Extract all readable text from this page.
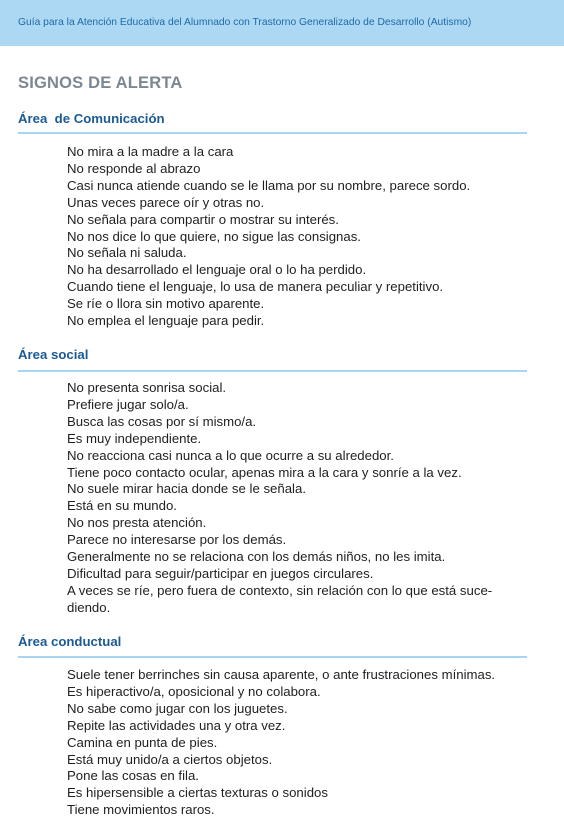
Guía para la Atención Educativa del Alumnado con Trastorno Generalizado de Desarrollo (Autismo)
SIGNOS DE ALERTA
Área  de Comunicación
No mira a la madre a la cara
No responde al abrazo
Casi nunca atiende cuando se le llama por su nombre, parece sordo.
Unas veces parece oír y otras no.
No señala para compartir o mostrar su interés.
No nos dice lo que quiere, no sigue las consignas.
No señala ni saluda.
No ha desarrollado el lenguaje oral o lo ha perdido.
Cuando tiene el lenguaje, lo usa de manera peculiar y repetitivo.
Se ríe o llora sin motivo aparente.
No emplea el lenguaje para pedir.
Área social
No presenta sonrisa social.
Prefiere jugar solo/a.
Busca las cosas por sí mismo/a.
Es muy independiente.
No reacciona casi nunca a lo que ocurre a su alrededor.
Tiene poco contacto ocular, apenas mira a la cara y sonríe a la vez.
No suele mirar hacia donde se le señala.
Está en su mundo.
No nos presta atención.
Parece no interesarse por los demás.
Generalmente no se relaciona con los demás niños, no les imita.
Dificultad para seguir/participar en juegos circulares.
A veces se ríe, pero fuera de contexto, sin relación con lo que está suce-
diendo.
Área conductual
Suele tener berrinches sin causa aparente, o ante frustraciones mínimas.
Es hiperactivo/a, oposicional y no colabora.
No sabe como jugar con los juguetes.
Repite las actividades una y otra vez.
Camina en punta de pies.
Está muy unido/a a ciertos objetos.
Pone las cosas en fila.
Es hipersensible a ciertas texturas o sonidos
Tiene movimientos raros.
